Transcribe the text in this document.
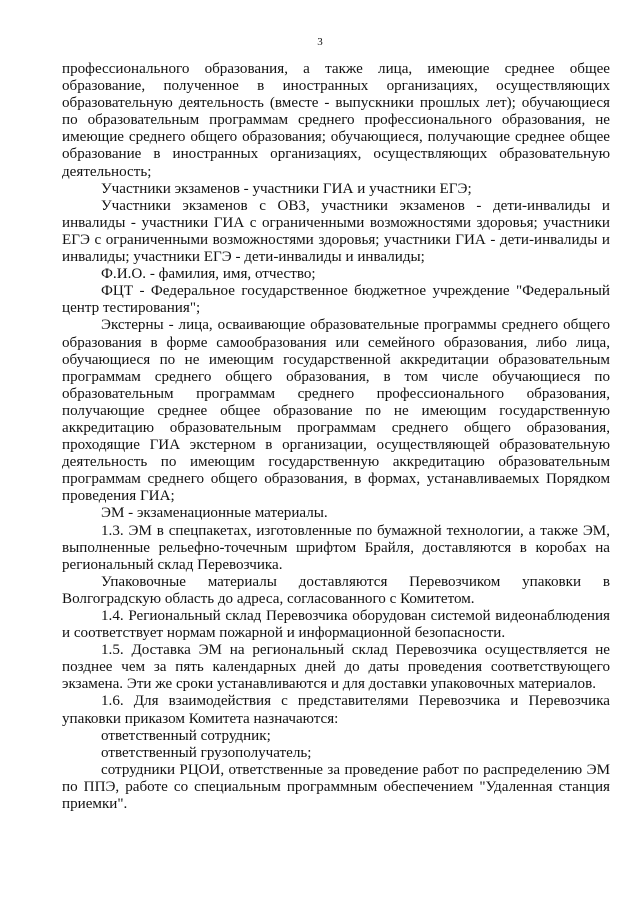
3

профессионального образования, а также лица, имеющие среднее общее образование, полученное в иностранных организациях, осуществляющих образовательную деятельность (вместе - выпускники прошлых лет); обучающиеся по образовательным программам среднего профессионального образования, не имеющие среднего общего образования; обучающиеся, получающие среднее общее образование в иностранных организациях, осуществляющих образовательную деятельность;

Участники экзаменов - участники ГИА и участники ЕГЭ;

Участники экзаменов с ОВЗ, участники экзаменов - дети-инвалиды и инвалиды - участники ГИА с ограниченными возможностями здоровья; участники ЕГЭ с ограниченными возможностями здоровья; участники ГИА - дети-инвалиды и инвалиды; участники ЕГЭ - дети-инвалиды и инвалиды;

Ф.И.О. - фамилия, имя, отчество;

ФЦТ - Федеральное государственное бюджетное учреждение "Федеральный центр тестирования";

Экстерны - лица, осваивающие образовательные программы среднего общего образования в форме самообразования или семейного образования, либо лица, обучающиеся по не имеющим государственной аккредитации образовательным программам среднего общего образования, в том числе обучающиеся по образовательным программам среднего профессионального образования, получающие среднее общее образование по не имеющим государственную аккредитацию образовательным программам среднего общего образования, проходящие ГИА экстерном в организации, осуществляющей образовательную деятельность по имеющим государственную аккредитацию образовательным программам среднего общего образования, в формах, устанавливаемых Порядком проведения ГИА;

ЭМ - экзаменационные материалы.

1.3. ЭМ в спецпакетах, изготовленные по бумажной технологии, а также ЭМ, выполненные рельефно-точечным шрифтом Брайля, доставляются в коробах на региональный склад Перевозчика.

Упаковочные материалы доставляются Перевозчиком упаковки в Волгоградскую область до адреса, согласованного с Комитетом.

1.4. Региональный склад Перевозчика оборудован системой видеонаблюдения и соответствует нормам пожарной и информационной безопасности.

1.5. Доставка ЭМ на региональный склад Перевозчика осуществляется не позднее чем за пять календарных дней до даты проведения соответствующего экзамена. Эти же сроки устанавливаются и для доставки упаковочных материалов.

1.6. Для взаимодействия с представителями Перевозчика и Перевозчика упаковки приказом Комитета назначаются:

ответственный сотрудник;

ответственный грузополучатель;

сотрудники РЦОИ, ответственные за проведение работ по распределению ЭМ по ППЭ, работе со специальным программным обеспечением "Удаленная станция приемки".
